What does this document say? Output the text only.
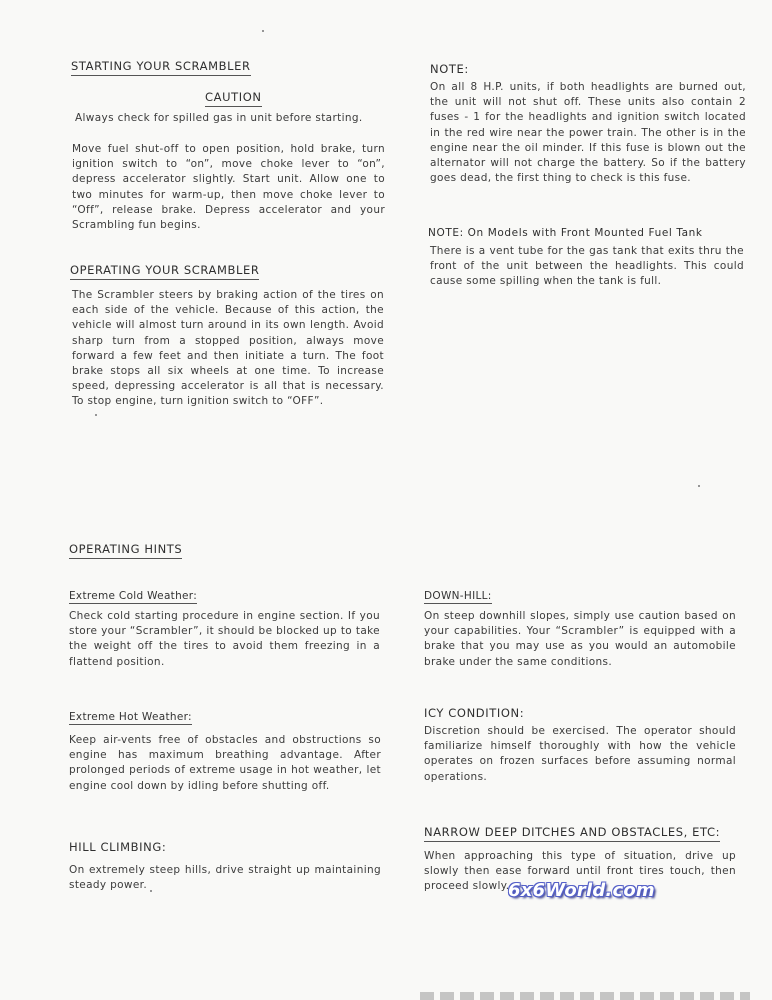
STARTING YOUR SCRAMBLER
CAUTION

Always check for spilled gas in unit before starting.

Move fuel shut-off to open position, hold brake, turn ignition switch to “on”, move choke lever to “on”, depress accelerator slightly. Start unit. Allow one to two minutes for warm-up, then move choke lever to “Off”, release brake. Depress accelerator and your Scrambling fun begins.

OPERATING YOUR SCRAMBLER

The Scrambler steers by braking action of the tires on each side of the vehicle. Because of this action, the vehicle will almost turn around in its own length. Avoid sharp turn from a stopped position, always move forward a few feet and then initiate a turn. The foot brake stops all six wheels at one time. To increase speed, depressing accelerator is all that is necessary. To stop engine, turn ignition switch to “OFF”.

NOTE:

On all 8 H.P. units, if both headlights are burned out, the unit will not shut off. These units also contain 2 fuses - 1 for the headlights and ignition switch located in the red wire near the power train. The other is in the engine near the oil minder. If this fuse is blown out the alternator will not charge the battery. So if the battery goes dead, the first thing to check is this fuse.

NOTE: On Models with Front Mounted Fuel Tank

There is a vent tube for the gas tank that exits thru the front of the unit between the headlights. This could cause some spilling when the tank is full.

OPERATING HINTS
Extreme Cold Weather:

Check cold starting procedure in engine section. If you store your “Scrambler”, it should be blocked up to take the weight off the tires to avoid them freezing in a flattend position.

Extreme Hot Weather:

Keep air-vents free of obstacles and obstructions so engine has maximum breathing advantage. After prolonged periods of extreme usage in hot weather, let engine cool down by idling before shutting off.

HILL CLIMBING:

On extremely steep hills, drive straight up maintaining steady power.

DOWN-HILL:

On steep downhill slopes, simply use caution based on your capabilities. Your “Scrambler” is equipped with a brake that you may use as you would an automobile brake under the same conditions.

ICY CONDITION:

Discretion should be exercised. The operator should familiarize himself thoroughly with how the vehicle operates on frozen surfaces before assuming normal operations.

NARROW DEEP DITCHES AND OBSTACLES, ETC:

When approaching this type of situation, drive up slowly then ease forward until front tires touch, then proceed slowly.

6x6World.com
